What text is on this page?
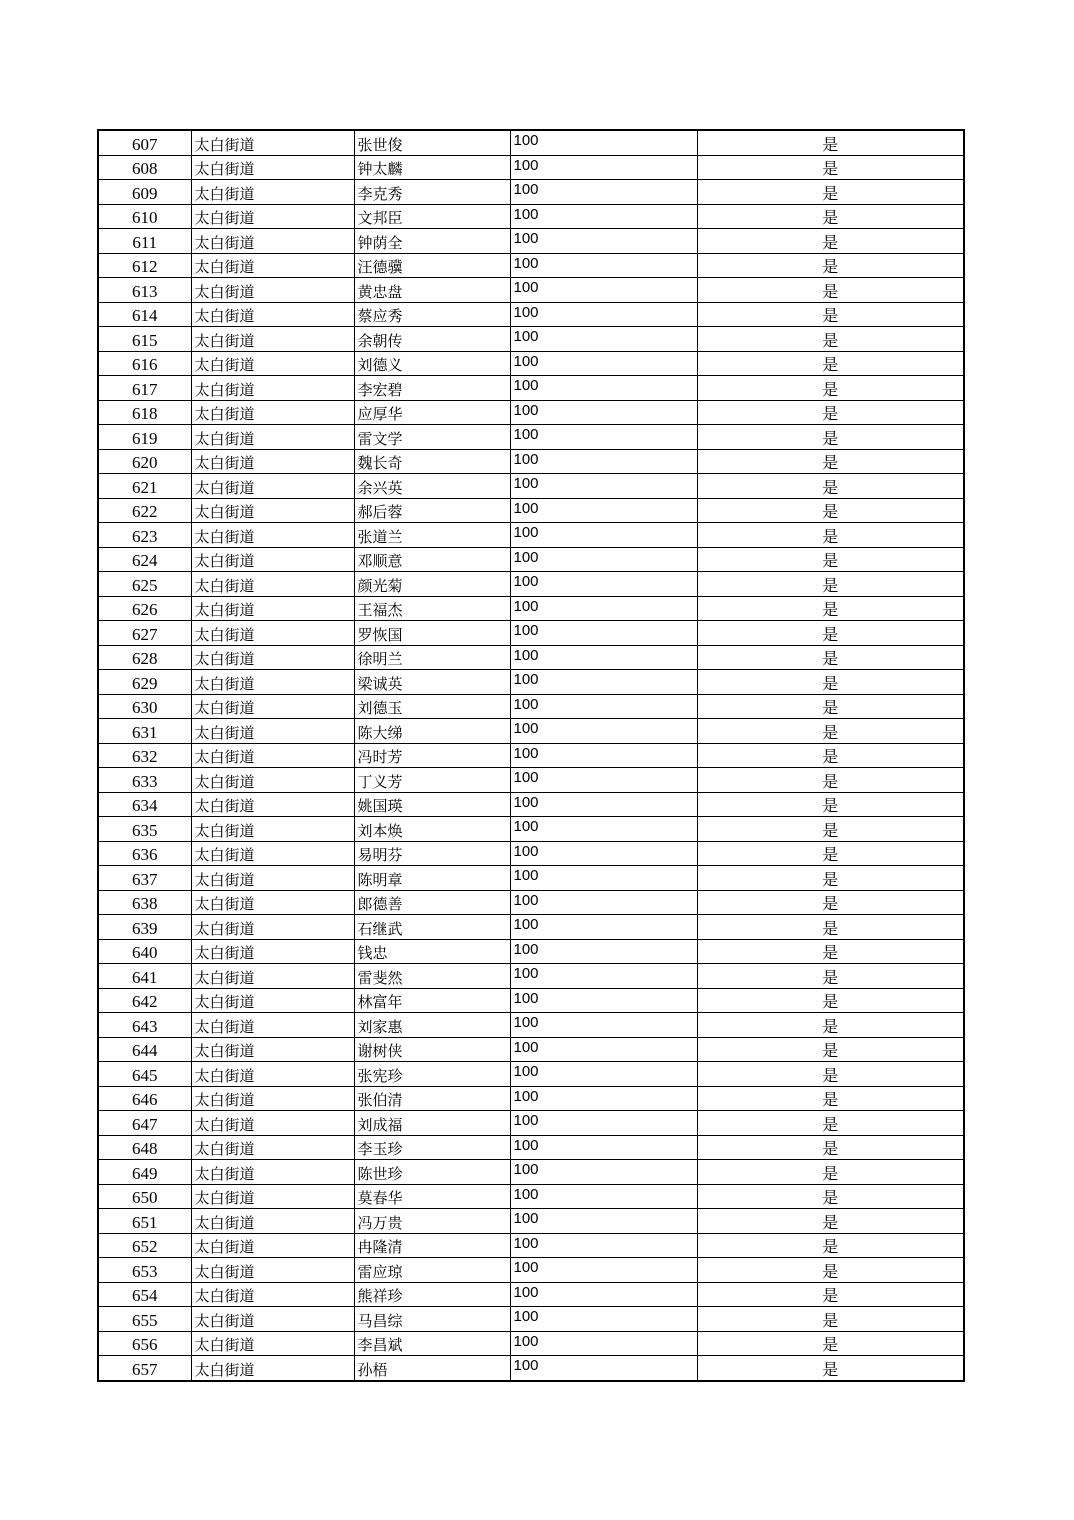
607	太白街道	张世俊	100	是
608	太白街道	钟太麟	100	是
609	太白街道	李克秀	100	是
610	太白街道	文邦臣	100	是
611	太白街道	钟荫全	100	是
612	太白街道	汪德骥	100	是
613	太白街道	黄忠盘	100	是
614	太白街道	蔡应秀	100	是
615	太白街道	余朝传	100	是
616	太白街道	刘德义	100	是
617	太白街道	李宏碧	100	是
618	太白街道	应厚华	100	是
619	太白街道	雷文学	100	是
620	太白街道	魏长奇	100	是
621	太白街道	余兴英	100	是
622	太白街道	郝后蓉	100	是
623	太白街道	张道兰	100	是
624	太白街道	邓顺意	100	是
625	太白街道	颜光菊	100	是
626	太白街道	王福杰	100	是
627	太白街道	罗恢国	100	是
628	太白街道	徐明兰	100	是
629	太白街道	梁诚英	100	是
630	太白街道	刘德玉	100	是
631	太白街道	陈大绨	100	是
632	太白街道	冯时芳	100	是
633	太白街道	丁义芳	100	是
634	太白街道	姚国瑛	100	是
635	太白街道	刘本焕	100	是
636	太白街道	易明芬	100	是
637	太白街道	陈明章	100	是
638	太白街道	郎德善	100	是
639	太白街道	石继武	100	是
640	太白街道	钱忠	100	是
641	太白街道	雷斐然	100	是
642	太白街道	林富年	100	是
643	太白街道	刘家惠	100	是
644	太白街道	谢树侠	100	是
645	太白街道	张宪珍	100	是
646	太白街道	张伯清	100	是
647	太白街道	刘成福	100	是
648	太白街道	李玉珍	100	是
649	太白街道	陈世珍	100	是
650	太白街道	莫春华	100	是
651	太白街道	冯万贵	100	是
652	太白街道	冉隆清	100	是
653	太白街道	雷应琼	100	是
654	太白街道	熊祥珍	100	是
655	太白街道	马昌综	100	是
656	太白街道	李昌斌	100	是
657	太白街道	孙梧	100	是
